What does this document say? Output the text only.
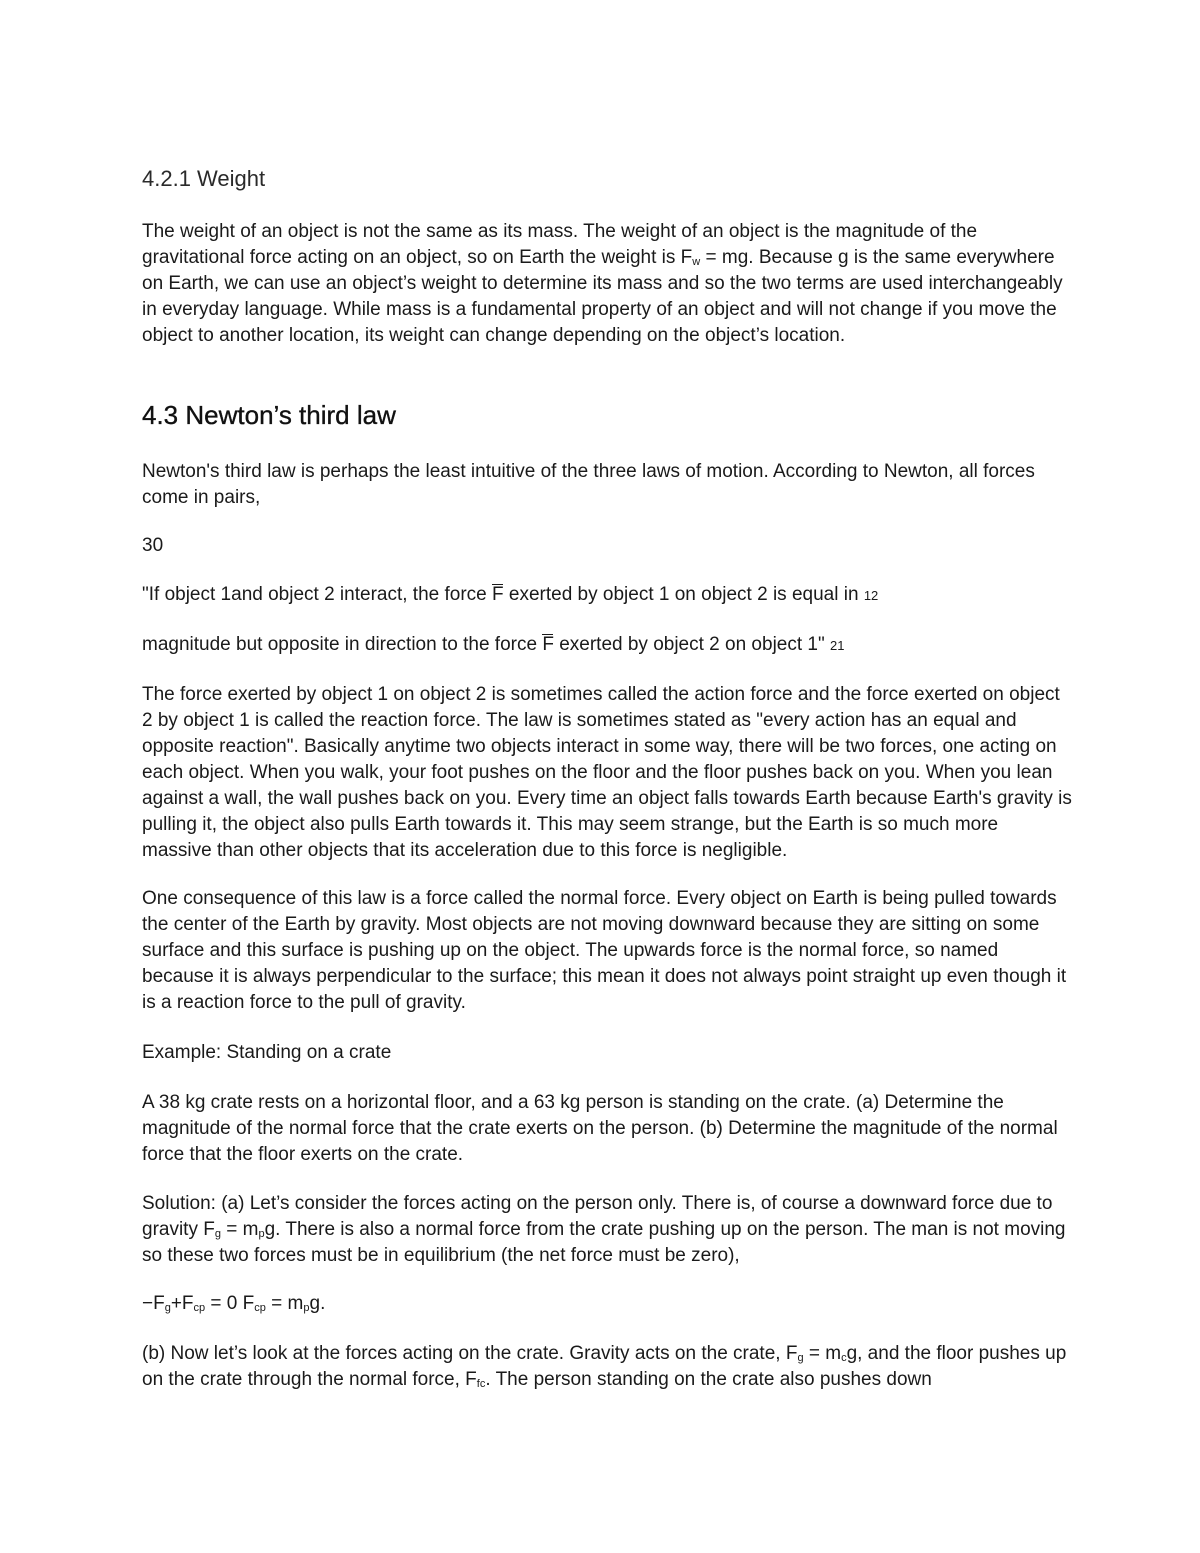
4.2.1 Weight

The weight of an object is not the same as its mass. The weight of an object is the magnitude of the gravitational force acting on an object, so on Earth the weight is $F_w$ = mg. Because g is the same everywhere on Earth, we can use an object’s weight to determine its mass and so the two terms are used interchangeably in everyday language. While mass is a fundamental property of an object and will not change if you move the object to another location, its weight can change depending on the object’s location.

4.3 Newton’s third law

Newton's third law is perhaps the least intuitive of the three laws of motion. According to Newton, all forces come in pairs,

30
"If object 1and object 2 interact, the force F exerted by object 1 on object 2 is equal in 12
magnitude but opposite in direction to the force F exerted by object 2 on object 1" 21

The force exerted by object 1 on object 2 is sometimes called the action force and the force exerted on object 2 by object 1 is called the reaction force. The law is sometimes stated as "every action has an equal and opposite reaction". Basically anytime two objects interact in some way, there will be two forces, one acting on each object. When you walk, your foot pushes on the floor and the floor pushes back on you. When you lean against a wall, the wall pushes back on you. Every time an object falls towards Earth because Earth's gravity is pulling it, the object also pulls Earth towards it. This may seem strange, but the Earth is so much more massive than other objects that its acceleration due to this force is negligible.

One consequence of this law is a force called the normal force. Every object on Earth is being pulled towards the center of the Earth by gravity. Most objects are not moving downward because they are sitting on some surface and this surface is pushing up on the object. The upwards force is the normal force, so named because it is always perpendicular to the surface; this mean it does not always point straight up even though it is a reaction force to the pull of gravity.

Example: Standing on a crate

A 38 kg crate rests on a horizontal floor, and a 63 kg person is standing on the crate. (a) Determine the magnitude of the normal force that the crate exerts on the person. (b) Determine the magnitude of the normal force that the floor exerts on the crate.

Solution: (a) Let’s consider the forces acting on the person only. There is, of course a downward force due to gravity $F_g = m_pg$. There is also a normal force from the crate pushing up on the person. The man is not moving so these two forces must be in equilibrium (the net force must be zero),

$-F_g+F_{cp} = 0$ $F_{cp} = m_pg$.

(b) Now let’s look at the forces acting on the crate. Gravity acts on the crate, $F_g = m_cg$, and the floor pushes up on the crate through the normal force, $F_{fc}$. The person standing on the crate also pushes down
